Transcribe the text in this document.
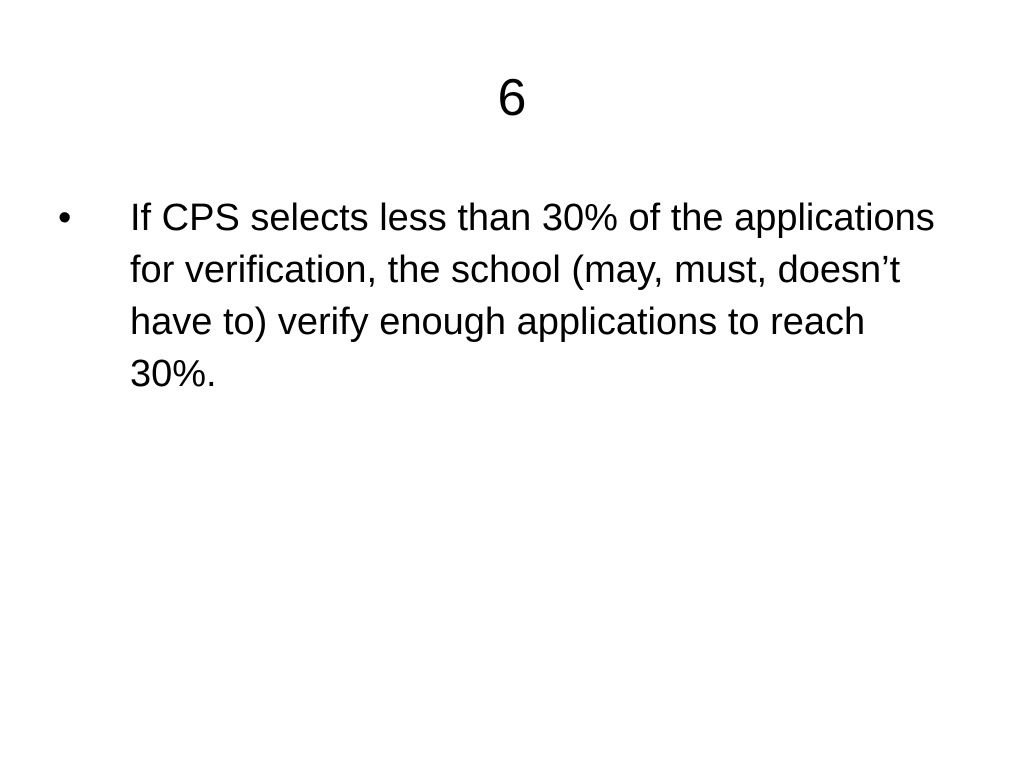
6
•	If CPS selects less than 30% of the applications for verification, the school (may, must, doesn’t have to) verify enough applications to reach 30%.
